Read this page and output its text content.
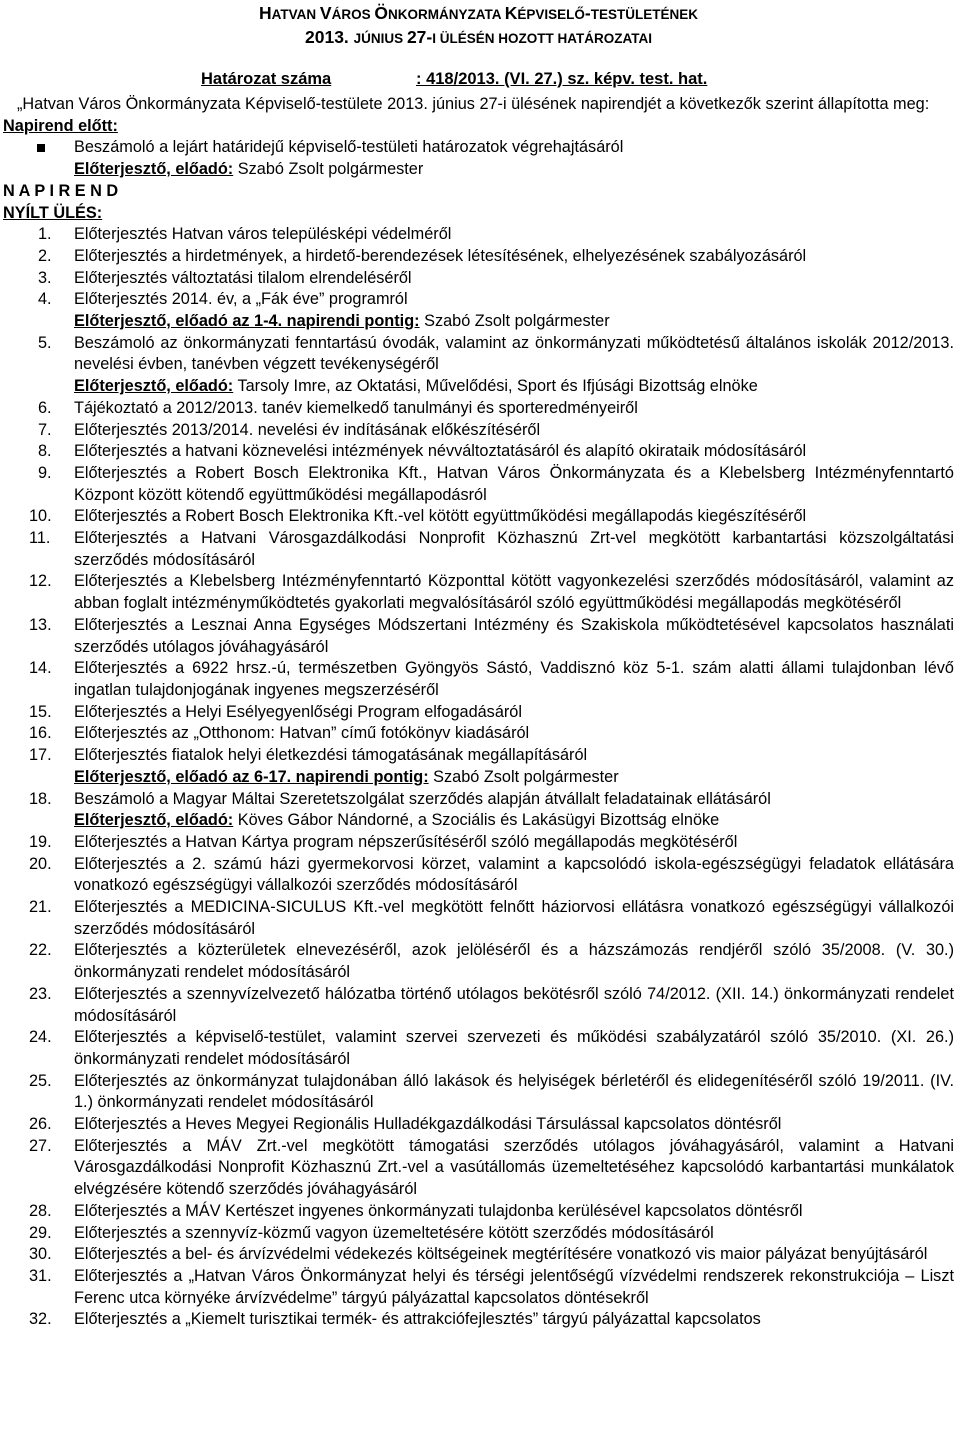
HATVAN VÁROS ÖNKORMÁNYZATA KÉPVISELŐ-TESTÜLETÉNEK
2013. JÚNIUS 27-I ÜLÉSÉN HOZOTT HATÁROZATAI
Határozat száma	: 418/2013. (VI. 27.) sz. képv. test. hat.
„Hatvan Város Önkormányzata Képviselő-testülete 2013. június 27-i ülésének napirendjét a következők szerint állapította meg:
Napirend előtt:
Beszámoló a lejárt határidejű képviselő-testületi határozatok végrehajtásáról
Előterjesztő, előadó: Szabó Zsolt polgármester
N A P I R E N D
NYÍLT ÜLÉS:
1. Előterjesztés Hatvan város településképi védelméről
2. Előterjesztés a hirdetmények, a hirdető-berendezések létesítésének, elhelyezésének szabályozásáról
3. Előterjesztés változtatási tilalom elrendeléséről
4. Előterjesztés 2014. év, a „Fák éve” programról
Előterjesztő, előadó az 1-4. napirendi pontig: Szabó Zsolt polgármester
5. Beszámoló az önkormányzati fenntartású óvodák, valamint az önkormányzati működtetésű általános iskolák 2012/2013. nevelési évben, tanévben végzett tevékenységéről
Előterjesztő, előadó: Tarsoly Imre, az Oktatási, Művelődési, Sport és Ifjúsági Bizottság elnöke
6. Tájékoztató a 2012/2013. tanév kiemelkedő tanulmányi és sporteredményeiről
7. Előterjesztés 2013/2014. nevelési év indításának előkészítéséről
8. Előterjesztés a hatvani köznevelési intézmények névváltoztatásáról és alapító okirataik módosításáról
9. Előterjesztés a Robert Bosch Elektronika Kft., Hatvan Város Önkormányzata és a Klebelsberg Intézményfenntartó Központ között kötendő együttműködési megállapodásról
10. Előterjesztés a Robert Bosch Elektronika Kft.-vel kötött együttműködési megállapodás kiegészítéséről
11. Előterjesztés a Hatvani Városgazdálkodási Nonprofit Közhasznú Zrt-vel megkötött karbantartási közszolgáltatási szerződés módosításáról
12. Előterjesztés a Klebelsberg Intézményfenntartó Központtal kötött vagyonkezelési szerződés módosításáról, valamint az abban foglalt intézményműködtetés gyakorlati megvalósításáról szóló együttműködési megállapodás megkötéséről
13. Előterjesztés a Lesznai Anna Egységes Módszertani Intézmény és Szakiskola működtetésével kapcsolatos használati szerződés utólagos jóváhagyásáról
14. Előterjesztés a 6922 hrsz.-ú, természetben Gyöngyös Sástó, Vaddisznó köz 5-1. szám alatti állami tulajdonban lévő ingatlan tulajdonjogának ingyenes megszerzéséről
15. Előterjesztés a Helyi Esélyegyenlőségi Program elfogadásáról
16. Előterjesztés az „Otthonom: Hatvan” című fotókönyv kiadásáról
17. Előterjesztés fiatalok helyi életkezdési támogatásának megállapításáról
Előterjesztő, előadó az 6-17. napirendi pontig: Szabó Zsolt polgármester
18. Beszámoló a Magyar Máltai Szeretetszolgálat szerződés alapján átvállalt feladatainak ellátásáról
Előterjesztő, előadó: Köves Gábor Nándorné, a Szociális és Lakásügyi Bizottság elnöke
19. Előterjesztés a Hatvan Kártya program népszerűsítéséről szóló megállapodás megkötéséről
20. Előterjesztés a 2. számú házi gyermekorvosi körzet, valamint a kapcsolódó iskola-egészségügyi feladatok ellátására vonatkozó egészségügyi vállalkozói szerződés módosításáról
21. Előterjesztés a MEDICINA-SICULUS Kft.-vel megkötött felnőtt háziorvosi ellátásra vonatkozó egészségügyi vállalkozói szerződés módosításáról
22. Előterjesztés a közterületek elnevezéséről, azok jelöléséről és a házszámozás rendjéről szóló 35/2008. (V. 30.) önkormányzati rendelet módosításáról
23. Előterjesztés a szennyvízelvezető hálózatba történő utólagos bekötésről szóló 74/2012. (XII. 14.) önkormányzati rendelet módosításáról
24. Előterjesztés a képviselő-testület, valamint szervei szervezeti és működési szabályzatáról szóló 35/2010. (XI. 26.) önkormányzati rendelet módosításáról
25. Előterjesztés az önkormányzat tulajdonában álló lakások és helyiségek bérletéről és elidegenítéséről szóló 19/2011. (IV. 1.) önkormányzati rendelet módosításáról
26. Előterjesztés a Heves Megyei Regionális Hulladékgazdálkodási Társulással kapcsolatos döntésről
27. Előterjesztés a MÁV Zrt.-vel megkötött támogatási szerződés utólagos jóváhagyásáról, valamint a Hatvani Városgazdálkodási Nonprofit Közhasznú Zrt.-vel a vasútállomás üzemeltetéséhez kapcsolódó karbantartási munkálatok elvégzésére kötendő szerződés jóváhagyásáról
28. Előterjesztés a MÁV Kertészet ingyenes önkormányzati tulajdonba kerülésével kapcsolatos döntésről
29. Előterjesztés a szennyvíz-közmű vagyon üzemeltetésére kötött szerződés módosításáról
30. Előterjesztés a bel- és árvízvédelmi védekezés költségeinek megtérítésére vonatkozó vis maior pályázat benyújtásáról
31. Előterjesztés a „Hatvan Város Önkormányzat helyi és térségi jelentőségű vízvédelmi rendszerek rekonstrukciója – Liszt Ferenc utca környéke árvízvédelme” tárgyú pályázattal kapcsolatos döntésekről
32. Előterjesztés a „Kiemelt turisztikai termék- és attrakciófejlesztés” tárgyú pályázattal kapcsolatos
